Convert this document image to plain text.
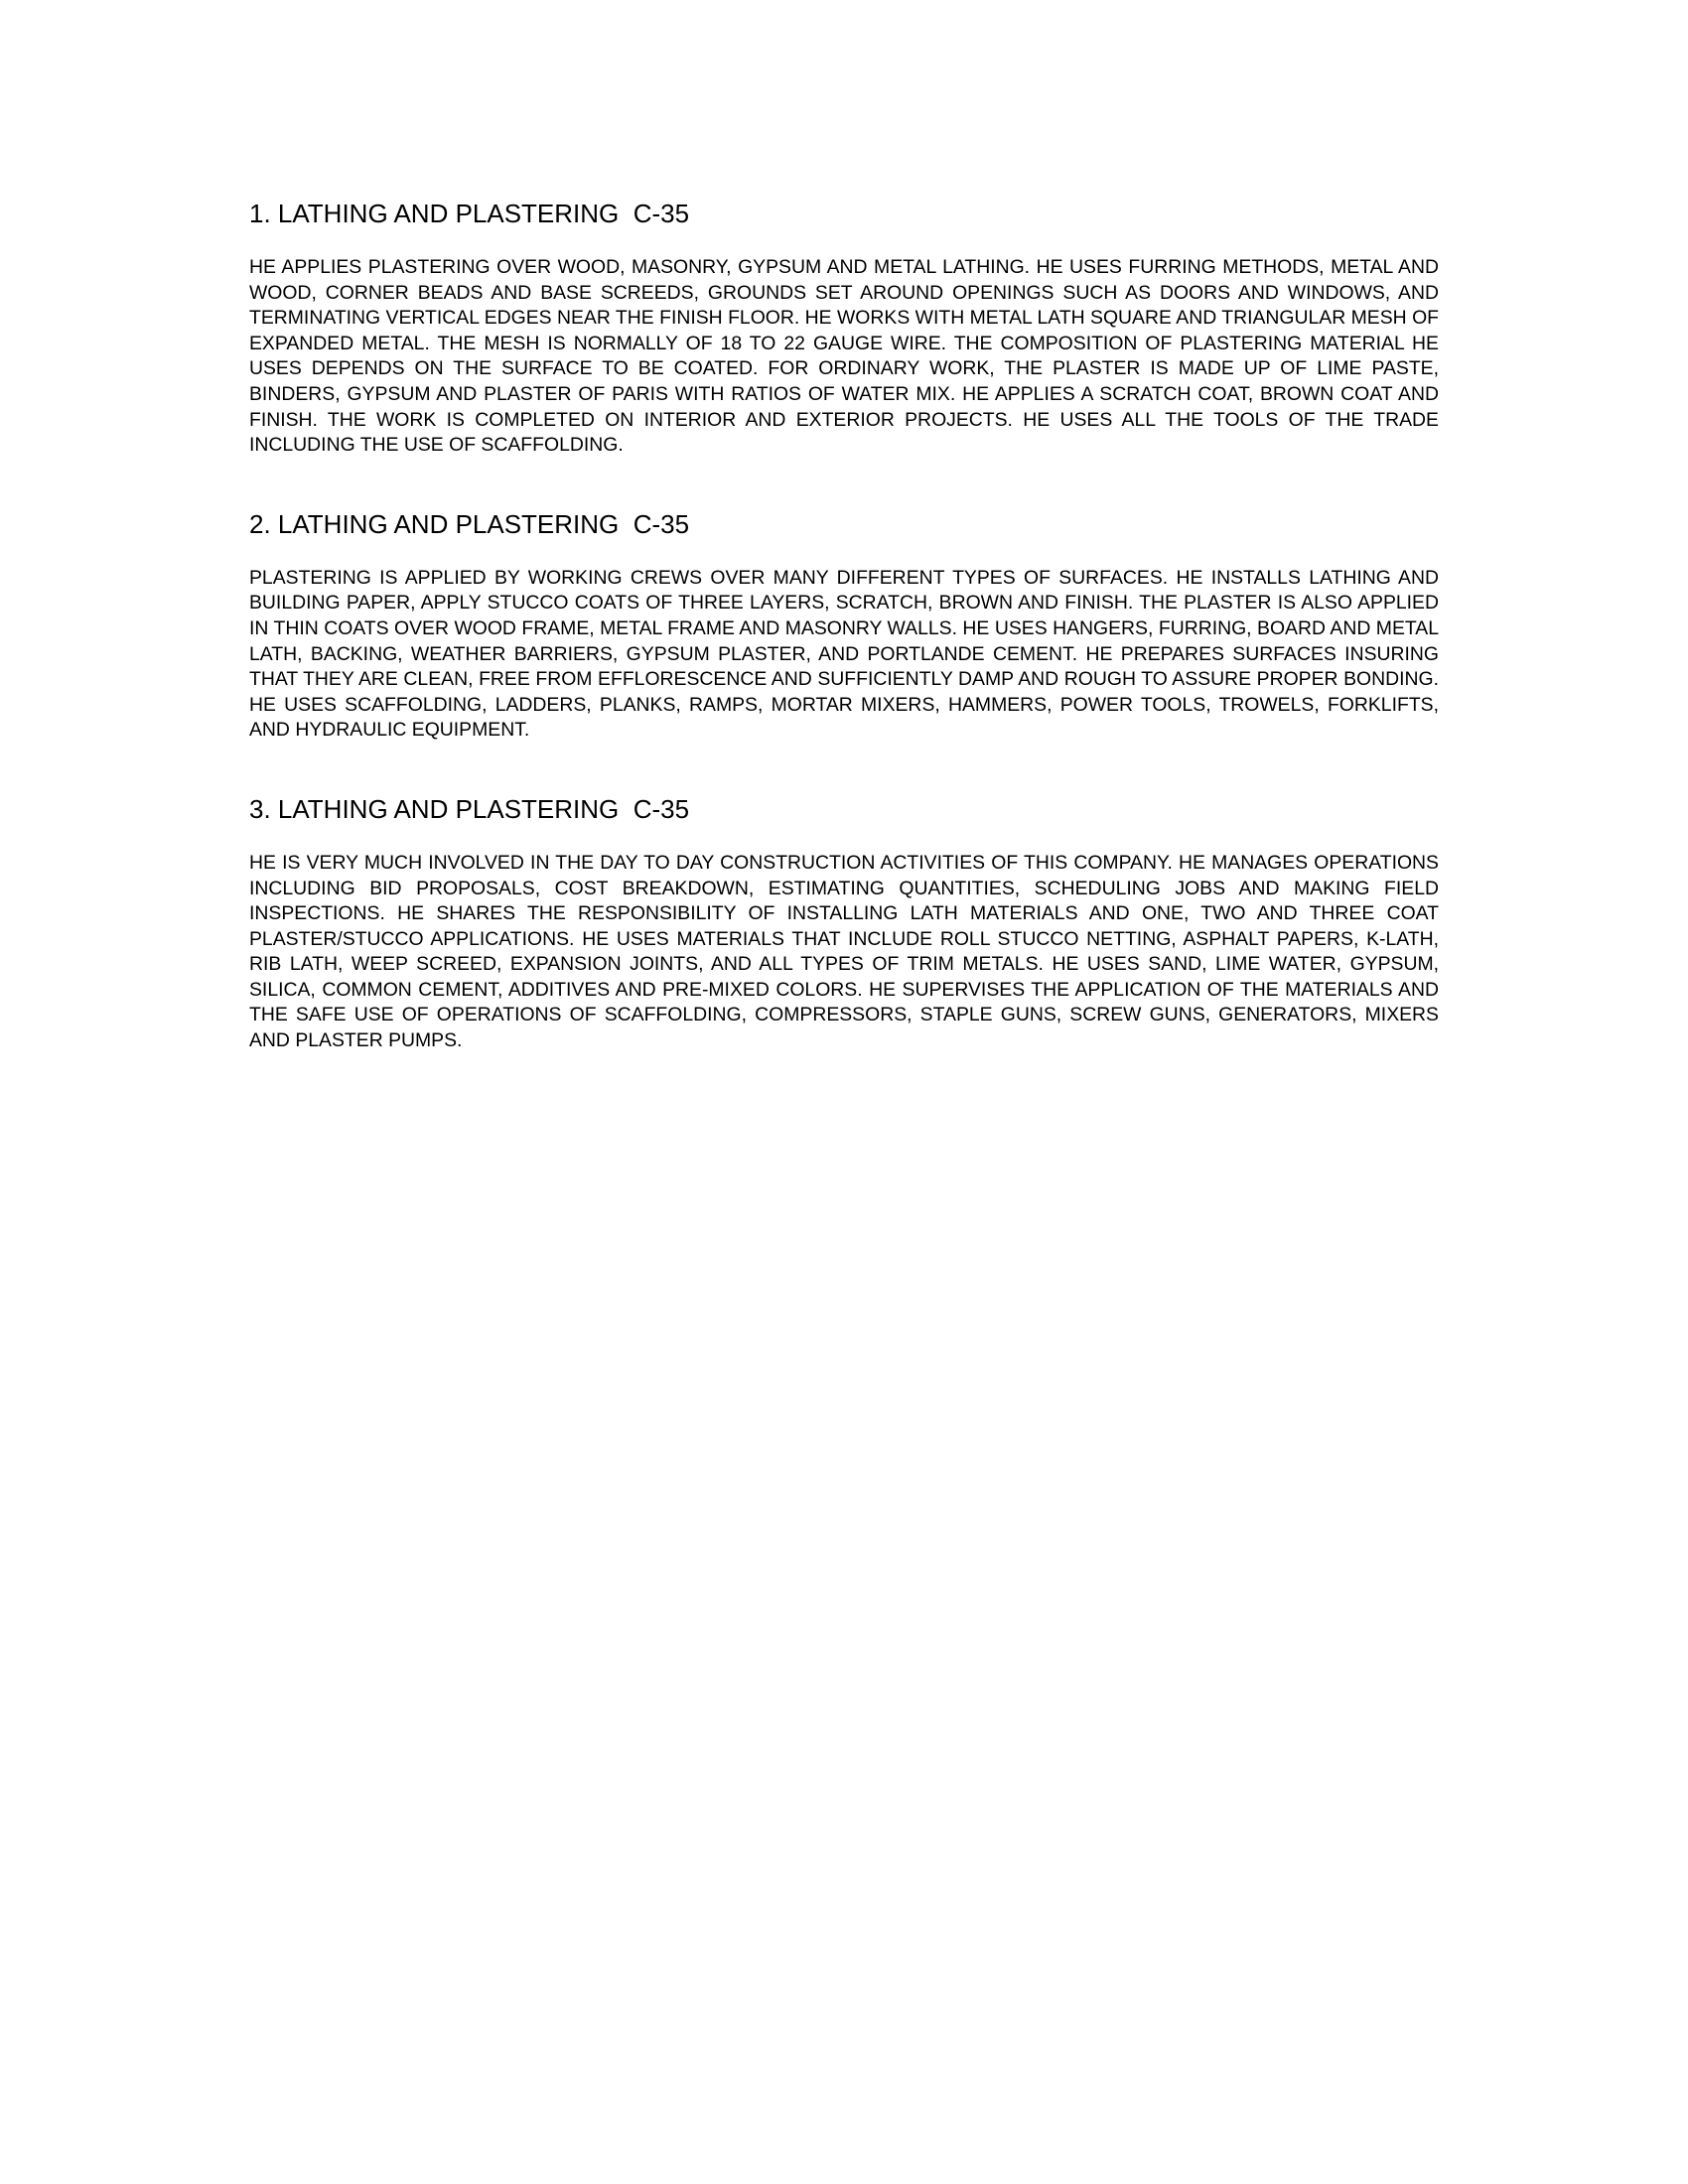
1. LATHING AND PLASTERING  C-35

HE APPLIES PLASTERING OVER WOOD, MASONRY, GYPSUM AND METAL LATHING. HE USES FURRING METHODS, METAL AND WOOD, CORNER BEADS AND BASE SCREEDS, GROUNDS SET AROUND OPENINGS SUCH AS DOORS AND WINDOWS, AND TERMINATING VERTICAL EDGES NEAR THE FINISH FLOOR. HE WORKS WITH METAL LATH SQUARE AND TRIANGULAR MESH OF EXPANDED METAL. THE MESH IS NORMALLY OF 18 TO 22 GAUGE WIRE. THE COMPOSITION OF PLASTERING MATERIAL HE USES DEPENDS ON THE SURFACE TO BE COATED. FOR ORDINARY WORK, THE PLASTER IS MADE UP OF LIME PASTE, BINDERS, GYPSUM AND PLASTER OF PARIS WITH RATIOS OF WATER MIX. HE APPLIES A SCRATCH COAT, BROWN COAT AND FINISH. THE WORK IS COMPLETED ON INTERIOR AND EXTERIOR PROJECTS. HE USES ALL THE TOOLS OF THE TRADE INCLUDING THE USE OF SCAFFOLDING.

2. LATHING AND PLASTERING  C-35

PLASTERING IS APPLIED BY WORKING CREWS OVER MANY DIFFERENT TYPES OF SURFACES. HE INSTALLS LATHING AND BUILDING PAPER, APPLY STUCCO COATS OF THREE LAYERS, SCRATCH, BROWN AND FINISH. THE PLASTER IS ALSO APPLIED IN THIN COATS OVER WOOD FRAME, METAL FRAME AND MASONRY WALLS. HE USES HANGERS, FURRING, BOARD AND METAL LATH, BACKING, WEATHER BARRIERS, GYPSUM PLASTER, AND PORTLANDE CEMENT. HE PREPARES SURFACES INSURING THAT THEY ARE CLEAN, FREE FROM EFFLORESCENCE AND SUFFICIENTLY DAMP AND ROUGH TO ASSURE PROPER BONDING. HE USES SCAFFOLDING, LADDERS, PLANKS, RAMPS, MORTAR MIXERS, HAMMERS, POWER TOOLS, TROWELS, FORKLIFTS, AND HYDRAULIC EQUIPMENT.

3. LATHING AND PLASTERING  C-35

HE IS VERY MUCH INVOLVED IN THE DAY TO DAY CONSTRUCTION ACTIVITIES OF THIS COMPANY. HE MANAGES OPERATIONS INCLUDING BID PROPOSALS, COST BREAKDOWN, ESTIMATING QUANTITIES, SCHEDULING JOBS AND MAKING FIELD INSPECTIONS. HE SHARES THE RESPONSIBILITY OF INSTALLING LATH MATERIALS AND ONE, TWO AND THREE COAT PLASTER/STUCCO APPLICATIONS. HE USES MATERIALS THAT INCLUDE ROLL STUCCO NETTING, ASPHALT PAPERS, K-LATH, RIB LATH, WEEP SCREED, EXPANSION JOINTS, AND ALL TYPES OF TRIM METALS. HE USES SAND, LIME WATER, GYPSUM, SILICA, COMMON CEMENT, ADDITIVES AND PRE-MIXED COLORS. HE SUPERVISES THE APPLICATION OF THE MATERIALS AND THE SAFE USE OF OPERATIONS OF SCAFFOLDING, COMPRESSORS, STAPLE GUNS, SCREW GUNS, GENERATORS, MIXERS AND PLASTER PUMPS.
